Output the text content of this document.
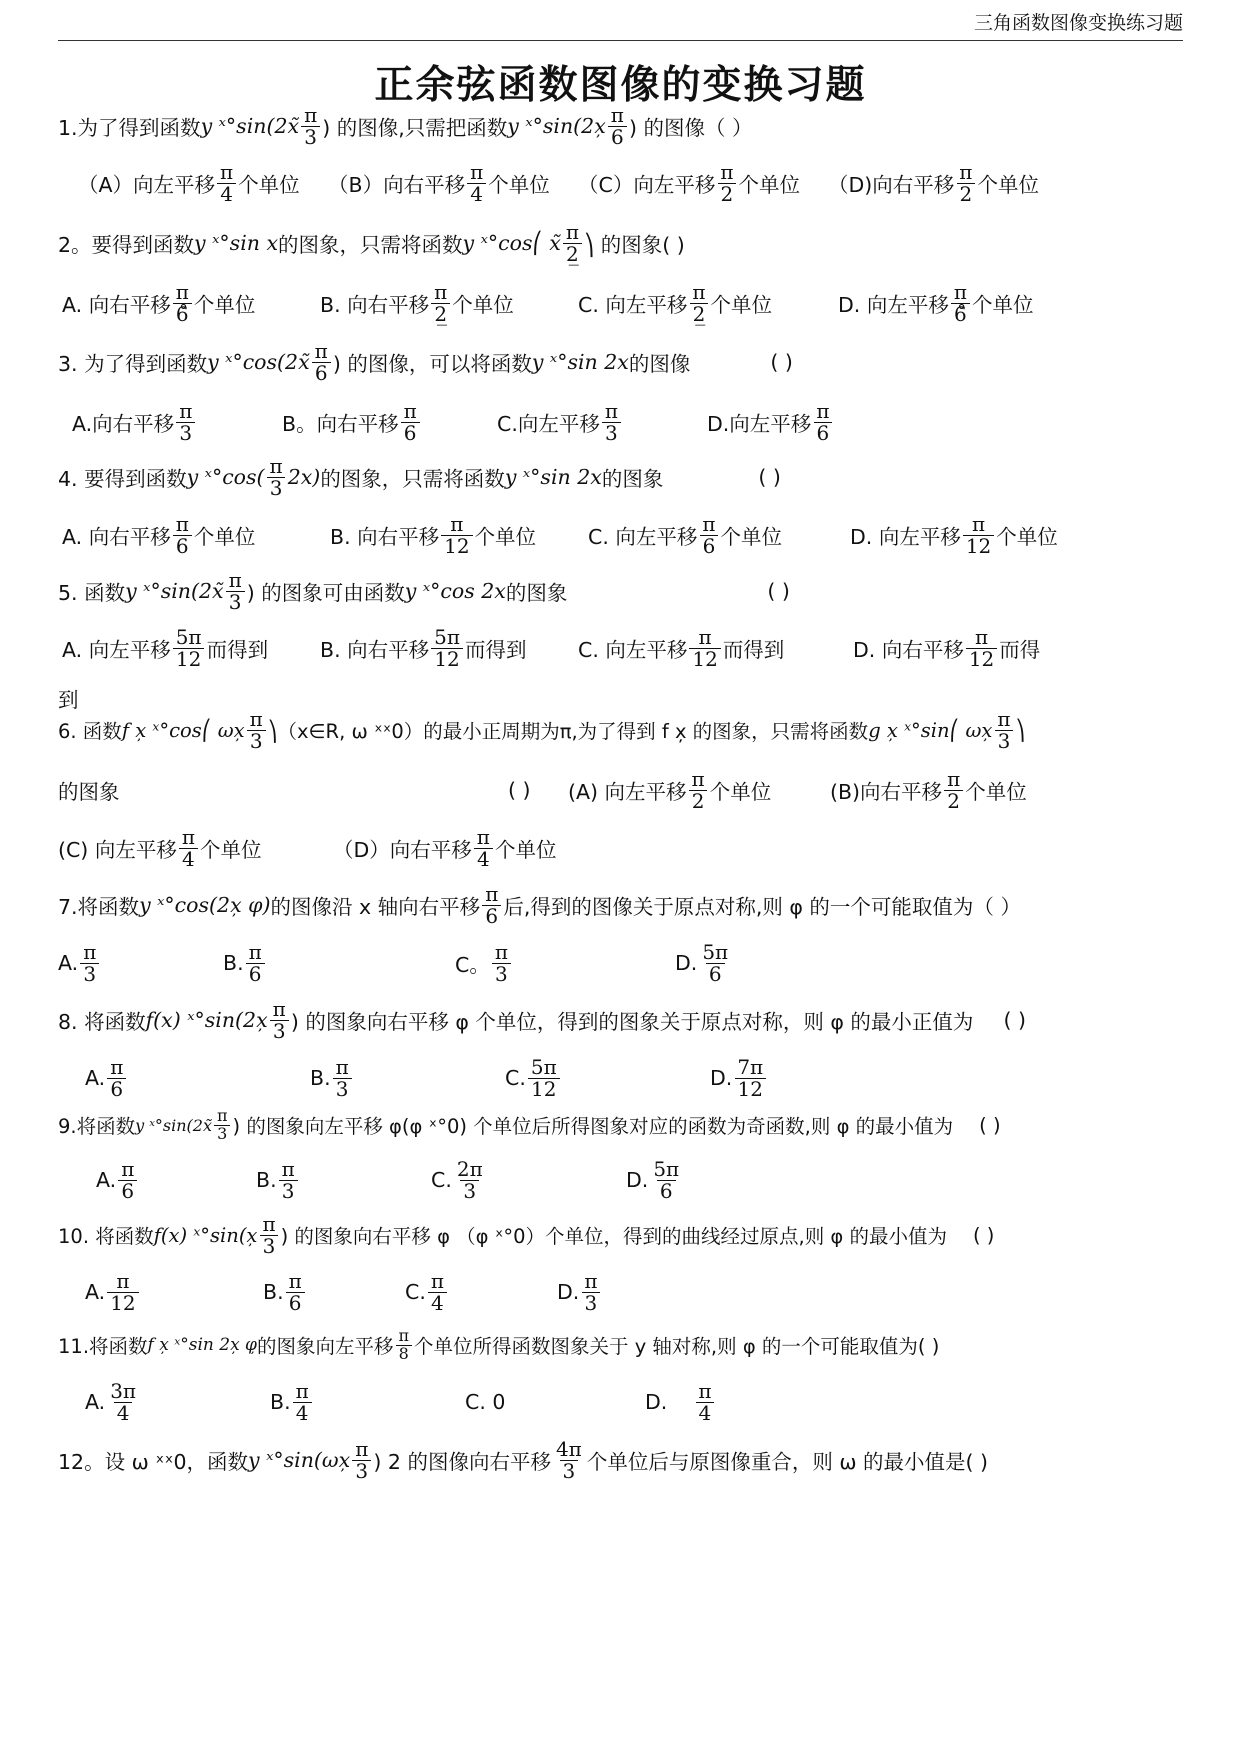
三角函数图像变换练习题
正余弦函数图像的变换习题
1.为了得到函数 y ˣ°sin(2x̃ $\frac{\pi}{3}$ ) 的图像,只需把函数 y ˣ°sin(2x̦ $\frac{\pi}{6}$ ) 的图像（ ）
（A）向左平移 $\frac{\pi}{4}$ 个单位 （B）向右平移 $\frac{\pi}{4}$ 个单位 （C）向左平移 $\frac{\pi}{2}$ 个单位 （D)向右平移 $\frac{\pi}{2}$ 个单位
2。要得到函数 y ˣ°sin x 的图象，只需将函数 y ˣ°cos⎛ x̃ $\frac{\pi}{2̲}$ ⎞ 的图象( )
A. 向右平移 $\frac{\pi}{6̊}$ 个单位	B. 向右平移 $\frac{\pi}{2̲}$ 个单位	C. 向左平移 $\frac{\pi}{2̲}$ 个单位	D. 向左平移 $\frac{\pi}{6̊}$ 个单位
3. 为了得到函数 y ˣ°cos(2x̃ $\frac{\pi}{6}$ ) 的图像，可以将函数 y ˣ°sin 2x 的图像	( )
A.向右平移 $\frac{\pi}{3}$	B。向右平移 $\frac{\pi}{6}$	C.向左平移 $\frac{\pi}{3}$	D.向左平移 $\frac{\pi}{6}$
4. 要得到函数 y ˣ°cos( $\frac{\pi}{3} 2x$) 的图象，只需将函数 y ˣ°sin 2x 的图象	( )
A. 向右平移 $\frac{\pi}{6}$ 个单位	B. 向右平移 $\frac{\pi}{12}$ 个单位	C. 向左平移 $\frac{\pi}{6}$ 个单位	D. 向左平移 $\frac{\pi}{12}$ 个单位
5. 函数 y ˣ°sin(2x̃ $\frac{\pi}{3}$ ) 的图象可由函数 y ˣ°cos 2x 的图象	( )
A. 向左平移 $\frac{5\pi}{12}$ 而得到	B. 向右平移 $\frac{5\pi}{12}$ 而得到	C. 向左平移 $\frac{\pi}{12}$ 而得到	D. 向右平移 $\frac{\pi}{12}$ 而得
到
6. 函数 f x̦ ˣ°cos⎛ ωx̦ $\frac{\pi}{3}$ ⎞（x∈R, ω ˣˣ0）的最小正周期为π,为了得到 f x̦ 的图象，只需将函数 g x̦ ˣ°sin⎛ ωx̦ $\frac{\pi}{3}$ ⎞
的图象	( )	(A) 向左平移 $\frac{\pi}{2}$ 个单位	(B)向右平移 $\frac{\pi}{2}$ 个单位
(C) 向左平移 $\frac{\pi}{4}$ 个单位	（D）向右平移 $\frac{\pi}{4}$ 个单位
7.将函数 y ˣ°cos(2x̦ φ) 的图像沿 x 轴向右平移 $\frac{\pi}{6}$ 后,得到的图像关于原点对称,则 φ 的一个可能取值为（ ）
A. $\frac{\pi}{3}$	B. $\frac{\pi}{6}$	C。 $\frac{\pi}{3}$	D. $\frac{5\pi}{6}$
8. 将函数 f(x) ˣ°sin(2x̦ $\frac{\pi}{3}$ ) 的图象向右平移 φ 个单位，得到的图象关于原点对称，则 φ 的最小正值为 ( )
A. $\frac{\pi}{6}$	B. $\frac{\pi}{3}$	C. $\frac{5\pi}{12}$	D. $\frac{7\pi}{12}$
9.将函数 y ˣ°sin(2x̃ $\frac{\pi}{3}$ ) 的图象向左平移 φ(φ ˣ°0) 个单位后所得图象对应的函数为奇函数,则 φ 的最小值为 ( )
A. $\frac{\pi}{6}$	B. $\frac{\pi}{3}$	C. $\frac{2\pi}{3}$	D. $\frac{5\pi}{6}$
10. 将函数 f(x) ˣ°sin(x̦ $\frac{\pi}{3}$ ) 的图象向右平移 φ （φ ˣ°0）个单位，得到的曲线经过原点,则 φ 的最小值为 ( )
A. $\frac{\pi}{12}$	B. $\frac{\pi}{6}$	C. $\frac{\pi}{4}$	D. $\frac{\pi}{3}$
11.将函数 f x̦ ˣ°sin 2x̦ φ̦ 的图象向左平移 $\frac{\pi}{8}$ 个单位所得函数图象关于 y 轴对称,则 φ 的一个可能取值为( )
A. $\frac{3\pi}{4}$	B. $\frac{\pi}{4}$	C. 0	D. $\frac{\pi}{4}$
12。设 ω ˣˣ0，函数 y ˣ°sin(ωx̦ $\frac{\pi}{3}$ ) 2 的图像向右平移 $\frac{4\pi}{3}$ 个单位后与原图像重合，则 ω 的最小值是( )
